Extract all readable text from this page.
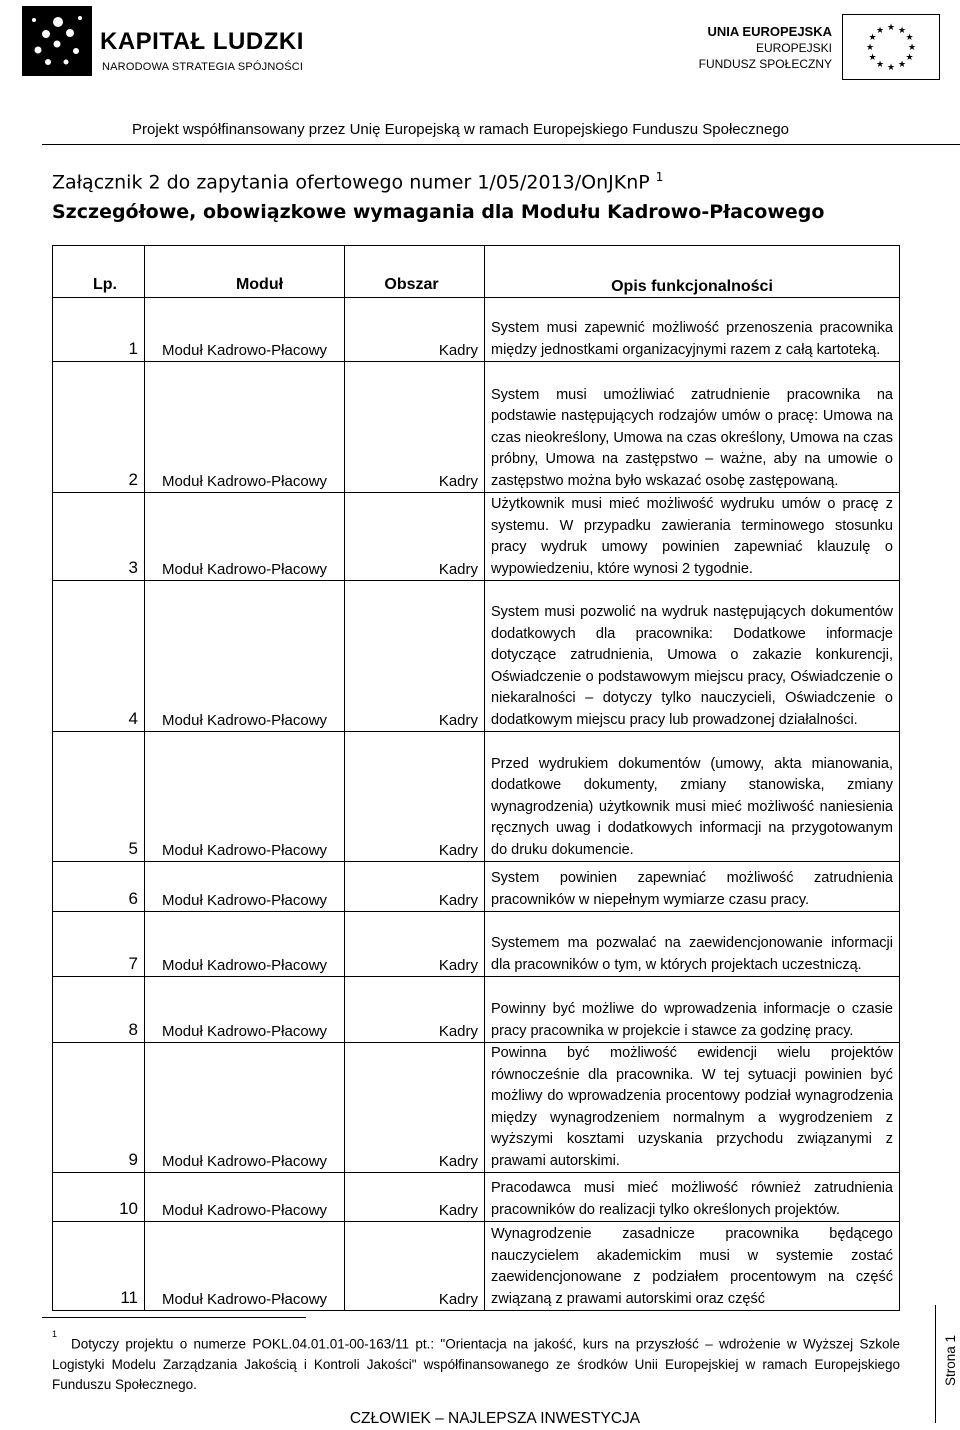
KAPITAŁ LUDZKI
NARODOWA STRATEGIA SPÓJNOŚCI
UNIA EUROPEJSKA
EUROPEJSKI
FUNDUSZ SPOŁECZNY
★ ★
★
★
★
★
★
★
★
★
★
★
Projekt współfinansowany przez Unię Europejską w ramach Europejskiego Funduszu Społecznego
Załącznik 2 do zapytania ofertowego numer 1/05/2013/OnJKnP $^1$
Szczegółowe, obowiązkowe wymagania dla Modułu Kadrowo-Płacowego
Lp.	Moduł	Obszar	Opis funkcjonalności
1	Moduł Kadrowo-Płacowy	Kadry	System musi zapewnić możliwość przenoszenia pracownika między jednostkami organizacyjnymi razem z całą kartoteką.
2	Moduł Kadrowo-Płacowy	Kadry	System musi umożliwiać zatrudnienie pracownika na podstawie następujących rodzajów umów o pracę: Umowa na czas nieokreślony, Umowa na czas określony, Umowa na czas próbny, Umowa na zastępstwo – ważne, aby na umowie o zastępstwo można było wskazać osobę zastępowaną.
3	Moduł Kadrowo-Płacowy	Kadry	Użytkownik musi mieć możliwość wydruku umów o pracę z systemu. W przypadku zawierania terminowego stosunku pracy wydruk umowy powinien zapewniać klauzulę o wypowiedzeniu, które wynosi 2 tygodnie.
4	Moduł Kadrowo-Płacowy	Kadry	System musi pozwolić na wydruk następujących dokumentów dodatkowych dla pracownika: Dodatkowe informacje dotyczące zatrudnienia, Umowa o zakazie konkurencji, Oświadczenie o podstawowym miejscu pracy, Oświadczenie o niekaralności – dotyczy tylko nauczycieli, Oświadczenie o dodatkowym miejscu pracy lub prowadzonej działalności.
5	Moduł Kadrowo-Płacowy	Kadry	Przed wydrukiem dokumentów (umowy, akta mianowania, dodatkowe dokumenty, zmiany stanowiska, zmiany wynagrodzenia) użytkownik musi mieć możliwość naniesienia ręcznych uwag i dodatkowych informacji na przygotowanym do druku dokumencie.
6	Moduł Kadrowo-Płacowy	Kadry	System powinien zapewniać możliwość zatrudnienia pracowników w niepełnym wymiarze czasu pracy.
7	Moduł Kadrowo-Płacowy	Kadry	Systemem ma pozwalać na zaewidencjonowanie informacji dla pracowników o tym, w których projektach uczestniczą.
8	Moduł Kadrowo-Płacowy	Kadry	Powinny być możliwe do wprowadzenia informacje o czasie pracy pracownika w projekcie i stawce za godzinę pracy.
9	Moduł Kadrowo-Płacowy	Kadry	Powinna być możliwość ewidencji wielu projektów równocześnie dla pracownika. W tej sytuacji powinien być możliwy do wprowadzenia procentowy podział wynagrodzenia między wynagrodzeniem normalnym a wygrodzeniem z wyższymi kosztami uzyskania przychodu związanymi z prawami autorskimi.
10	Moduł Kadrowo-Płacowy	Kadry	Pracodawca musi mieć możliwość również zatrudnienia pracowników do realizacji tylko określonych projektów.
11	Moduł Kadrowo-Płacowy	Kadry	Wynagrodzenie zasadnicze pracownika będącego nauczycielem akademickim musi w systemie zostać zaewidencjonowane z podziałem procentowym na część związaną z prawami autorskimi oraz część
$^1$Dotyczy projektu o numerze POKL.04.01.01-00-163/11 pt.: "Orientacja na jakość, kurs na przyszłość – wdrożenie w Wyższej Szkole Logistyki Modelu Zarządzania Jakością i Kontroli Jakości" współfinansowanego ze środków Unii Europejskiej w ramach Europejskiego Funduszu Społecznego.
CZŁOWIEK – NAJLEPSZA INWESTYCJA
Strona 1
